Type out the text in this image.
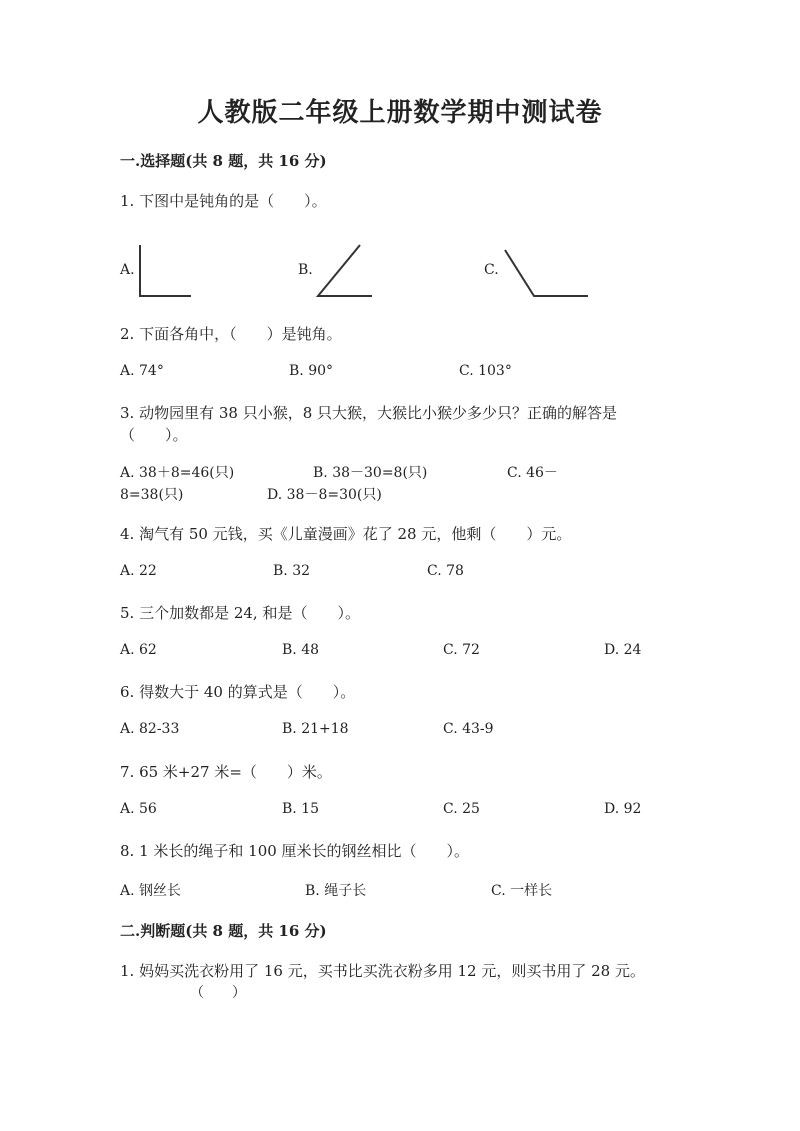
人教版二年级上册数学期中测试卷
一.选择题(共 8 题，共 16 分)
1. 下图中是钝角的是（　　）。
A.	B.	C.
2. 下面各角中，（　　）是钝角。
A. 74°	B. 90°	C. 103°
3. 动物园里有 38 只小猴，8 只大猴，大猴比小猴少多少只？正确的解答是
（　　）。
A. 38＋8=46(只)	B. 38－30=8(只)	C. 46－
8=38(只)	D. 38－8=30(只)
4. 淘气有 50 元钱，买《儿童漫画》花了 28 元，他剩（　　）元。
A. 22	B. 32	C. 78
5. 三个加数都是 24, 和是（　　）。
A. 62	B. 48	C. 72	D. 24
6. 得数大于 40 的算式是（　　）。
A. 82-33	B. 21+18	C. 43-9
7. 65 米+27 米=（　　）米。
A. 56	B. 15	C. 25	D. 92
8. 1 米长的绳子和 100 厘米长的钢丝相比（　　）。
A. 钢丝长	B. 绳子长	C. 一样长
二.判断题(共 8 题，共 16 分)
1. 妈妈买洗衣粉用了 16 元，买书比买洗衣粉多用 12 元，则买书用了 28 元。
（　　）
